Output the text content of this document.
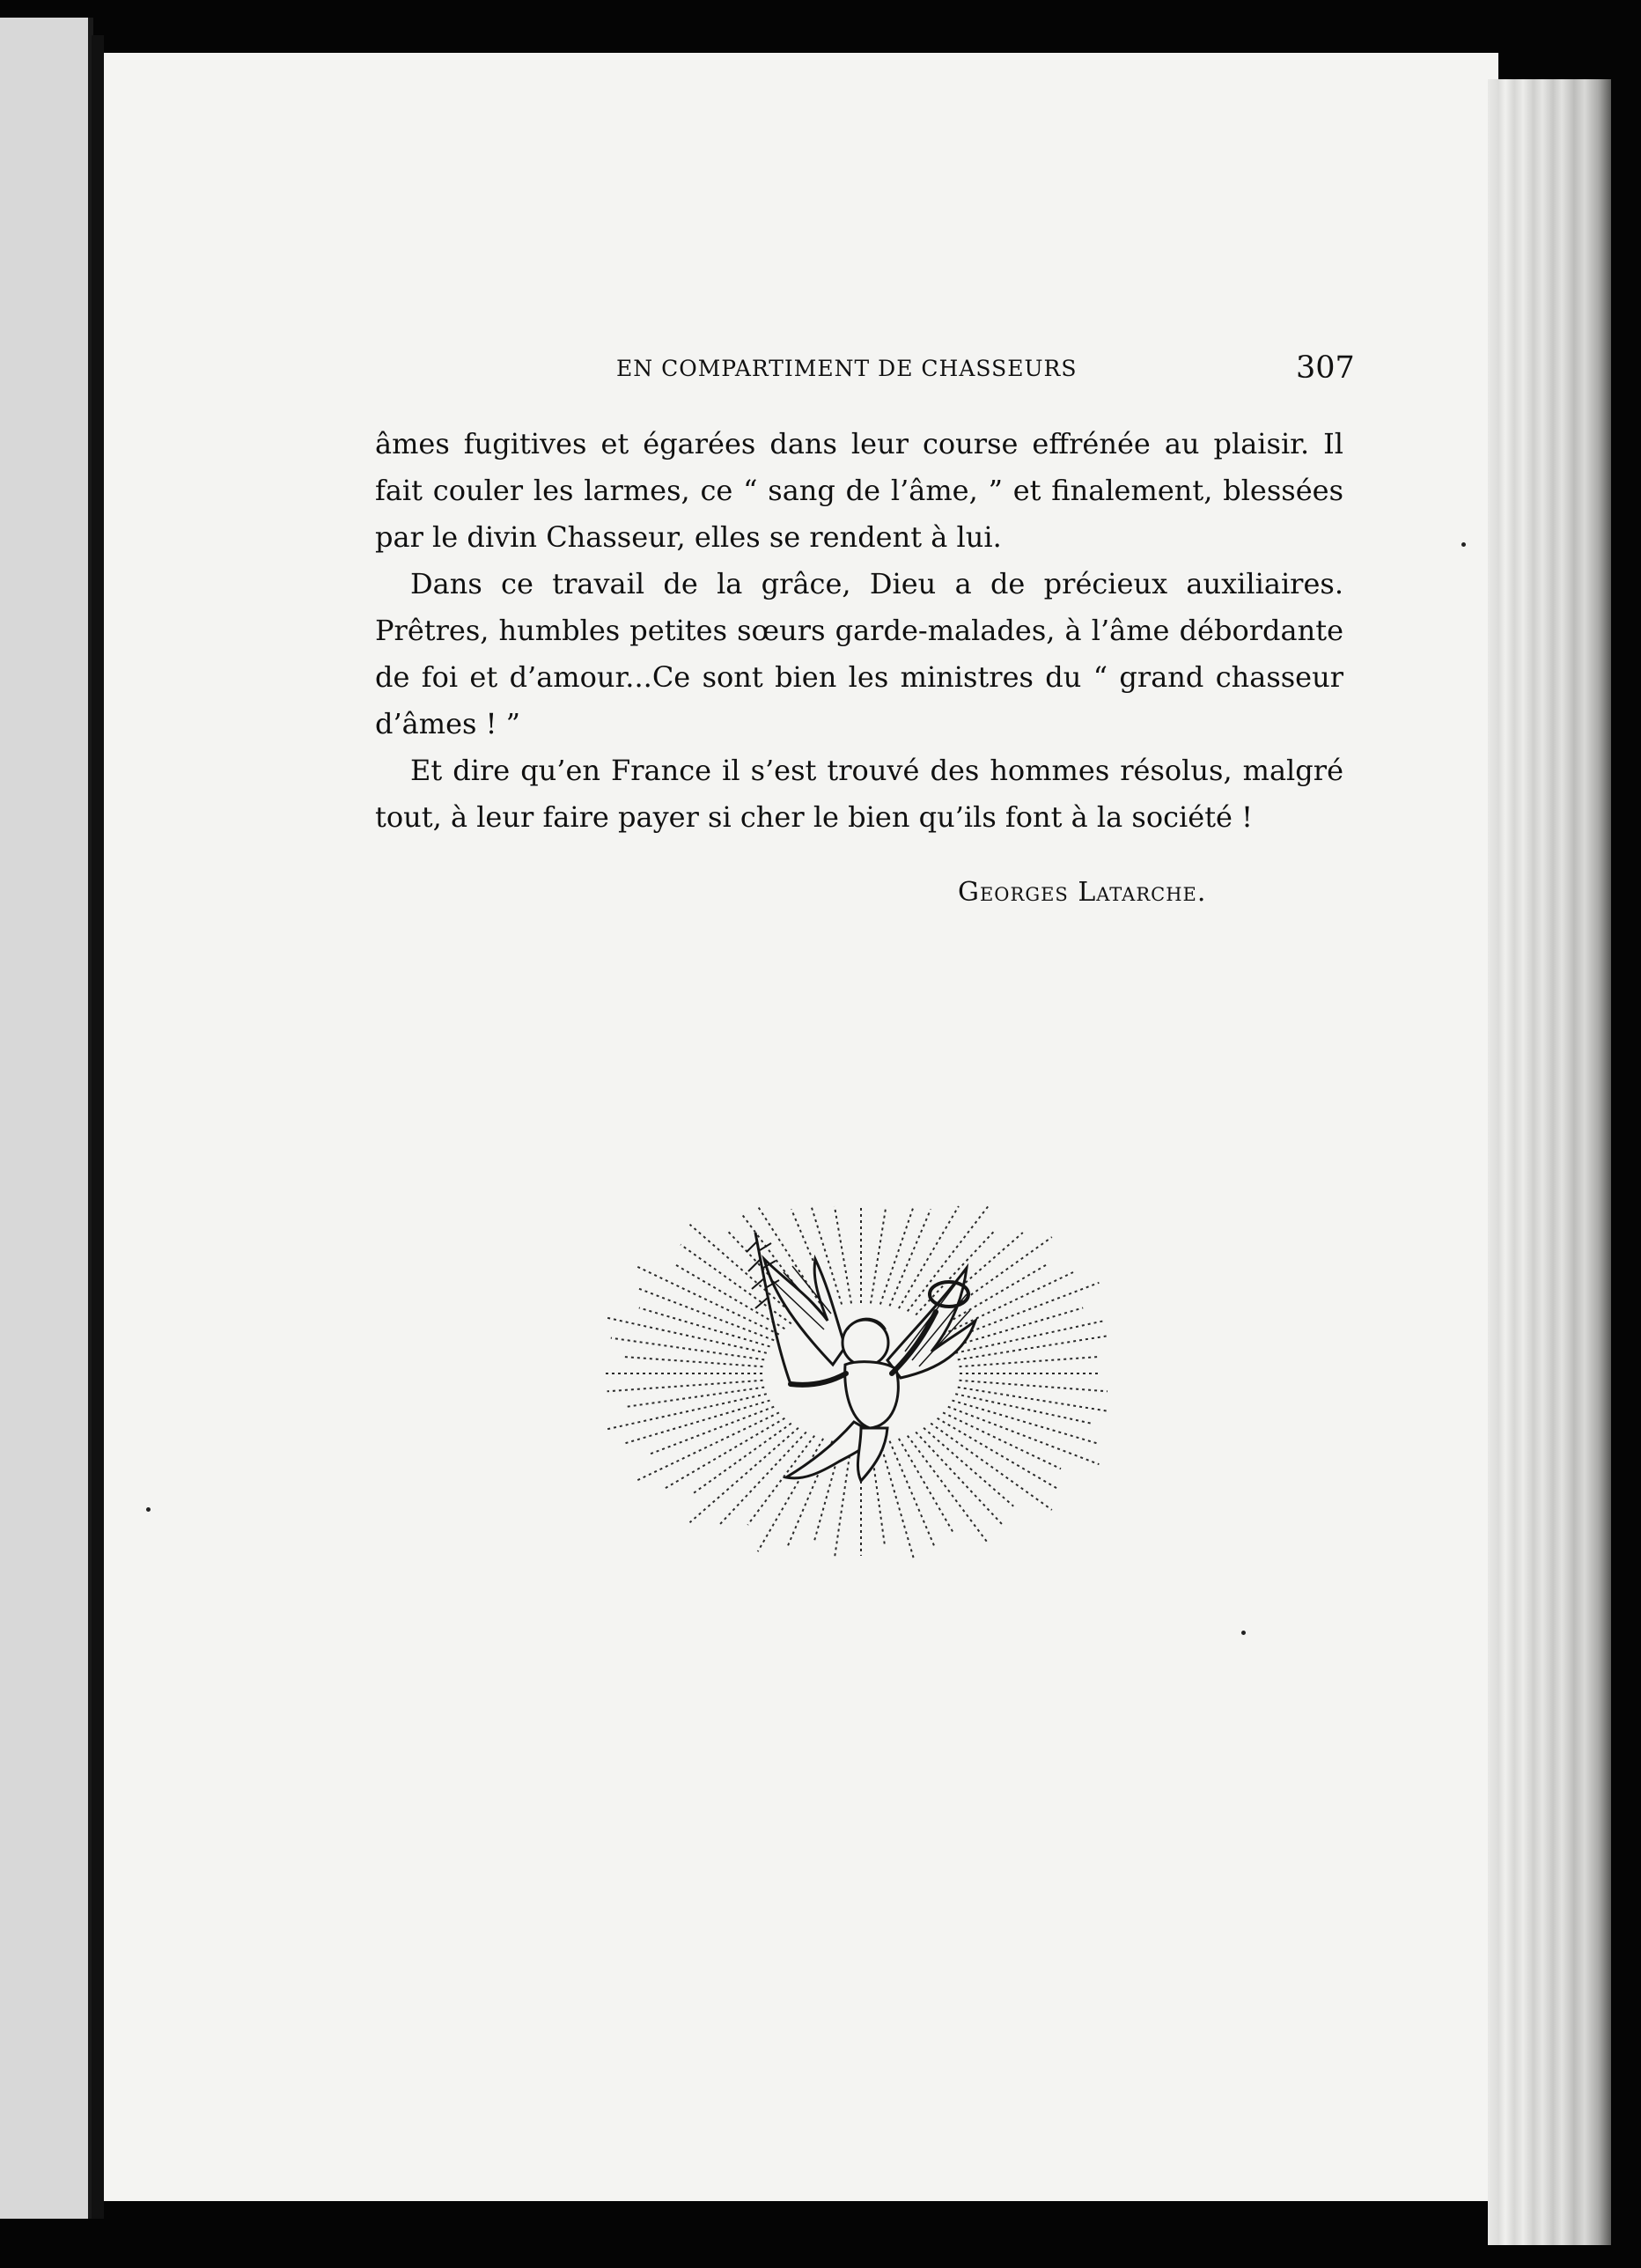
EN COMPARTIMENT DE CHASSEURS	307

âmes fugitives et égarées dans leur course effrénée au plaisir. Il fait couler les larmes, ce “ sang de l’âme, ” et finalement, blessées par le divin Chasseur, elles se rendent à lui.

Dans ce travail de la grâce, Dieu a de précieux auxiliaires. Prêtres, humbles petites sœurs garde-malades, à l’âme débordante de foi et d’amour...Ce sont bien les ministres du “ grand chasseur d’âmes ! ”

Et dire qu’en France il s’est trouvé des hommes résolus, malgré tout, à leur faire payer si cher le bien qu’ils font à la société !

Georges Latarche.
